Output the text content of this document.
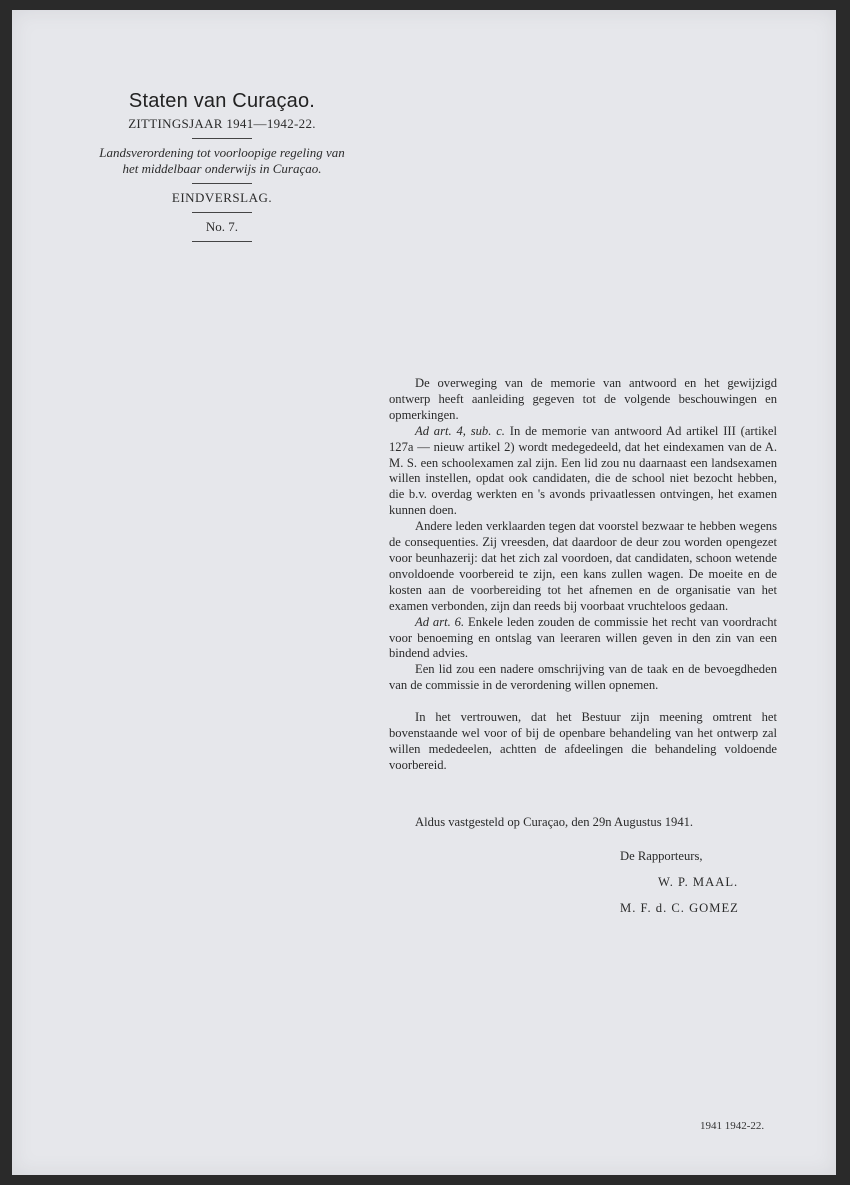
Staten van Curaçao.
ZITTINGSJAAR 1941—1942-22.
Landsverordening tot voorloopige regeling van
het middelbaar onderwijs in Curaçao.
EINDVERSLAG.
No. 7.

De overweging van de memorie van antwoord en het gewijzigd ontwerp heeft aanleiding gegeven tot de volgende beschouwingen en opmerkingen.

Ad art. 4, sub. c. In de memorie van antwoord Ad artikel III (artikel 127a — nieuw artikel 2) wordt medegedeeld, dat het eindexamen van de A. M. S. een schoolexamen zal zijn. Een lid zou nu daarnaast een landsexamen willen instellen, opdat ook candidaten, die de school niet bezocht hebben, die b.v. overdag werkten en 's avonds privaatlessen ontvingen, het examen kunnen doen.

Andere leden verklaarden tegen dat voorstel bezwaar te hebben wegens de consequenties. Zij vreesden, dat daardoor de deur zou worden opengezet voor beunhazerij: dat het zich zal voordoen, dat candidaten, schoon wetende onvoldoende voorbereid te zijn, een kans zullen wagen. De moeite en de kosten aan de voorbereiding tot het afnemen en de organisatie van het examen verbonden, zijn dan reeds bij voorbaat vruchteloos gedaan.

Ad art. 6. Enkele leden zouden de commissie het recht van voordracht voor benoeming en ontslag van leeraren willen geven in den zin van een bindend advies.

Een lid zou een nadere omschrijving van de taak en de bevoegdheden van de commissie in de verordening willen opnemen.

In het vertrouwen, dat het Bestuur zijn meening omtrent het bovenstaande wel voor of bij de openbare behandeling van het ontwerp zal willen mededeelen, achtten de afdeelingen die behandeling voldoende voorbereid.

Aldus vastgesteld op Curaçao, den 29n Augustus 1941.
De Rapporteurs,
W. P. MAAL.
M. F. d. C. GOMEZ
1941 1942-22.
